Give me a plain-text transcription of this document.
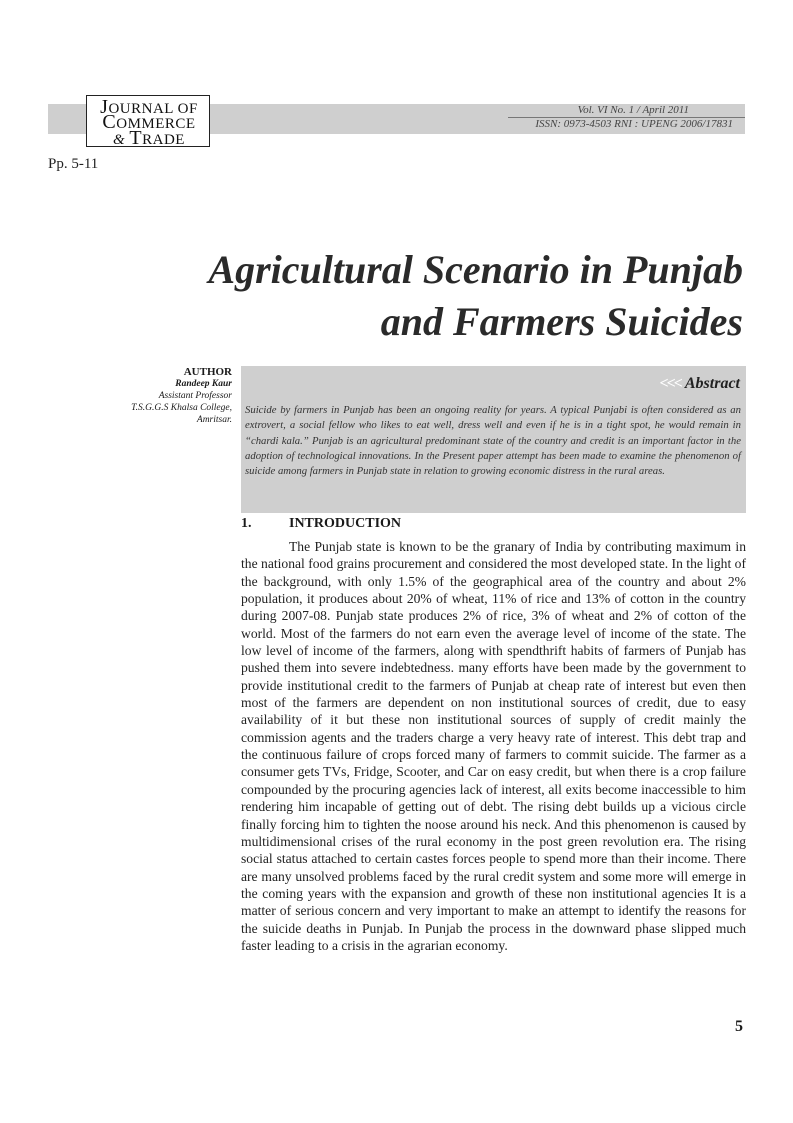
JOURNAL OF
COMMERCE
& TRADE
Vol. VI No. 1 / April 2011
ISSN: 0973-4503 RNI : UPENG 2006/17831
Pp. 5-11
Agricultural Scenario in Punjab
and Farmers Suicides
AUTHOR
Randeep Kaur
Assistant Professor
T.S.G.G.S Khalsa College,
Amritsar.
<<< Abstract
Suicide by farmers in Punjab has been an ongoing reality for years. A typical Punjabi is often considered as an extrovert, a social fellow who likes to eat well, dress well and even if he is in a tight spot, he would remain in “chardi kala.” Punjab is an agricultural predominant state of the country and credit is an important factor in the adoption of technological innovations. In the Present paper attempt has been made to examine the phenomenon of suicide among farmers in Punjab state in relation to growing economic distress in the rural areas.
1.	INTRODUCTION

The Punjab state is known to be the granary of India by contributing maximum in the national food grains procurement and considered the most developed state. In the light of the background, with only 1.5% of the geographical area of the country and about 2% population, it produces about 20% of wheat, 11% of rice and 13% of cotton in the country during 2007-08. Punjab state produces 2% of rice, 3% of wheat and 2% of cotton of the world. Most of the farmers do not earn even the average level of income of the state. The low level of income of the farmers, along with spendthrift habits of farmers of Punjab has pushed them into severe indebtedness. many efforts have been made by the government to provide institutional credit to the farmers of Punjab at cheap rate of interest but even then most of the farmers are dependent on non institutional sources of credit, due to easy availability of it but these non institutional sources of supply of credit mainly the commission agents and the traders charge a very heavy rate of interest. This debt trap and the continuous failure of crops forced many of farmers to commit suicide. The farmer as a consumer gets TVs, Fridge, Scooter, and Car on easy credit, but when there is a crop failure compounded by the procuring agencies lack of interest, all exits become inaccessible to him rendering him incapable of getting out of debt. The rising debt builds up a vicious circle finally forcing him to tighten the noose around his neck. And this phenomenon is caused by multidimensional crises of the rural economy in the post green revolution era. The rising social status attached to certain castes forces people to spend more than their income. There are many unsolved problems faced by the rural credit system and some more will emerge in the coming years with the expansion and growth of these non institutional agencies It is a matter of serious concern and very important to make an attempt to identify the reasons for the suicide deaths in Punjab. In Punjab the process in the downward phase slipped much faster leading to a crisis in the agrarian economy.

5
